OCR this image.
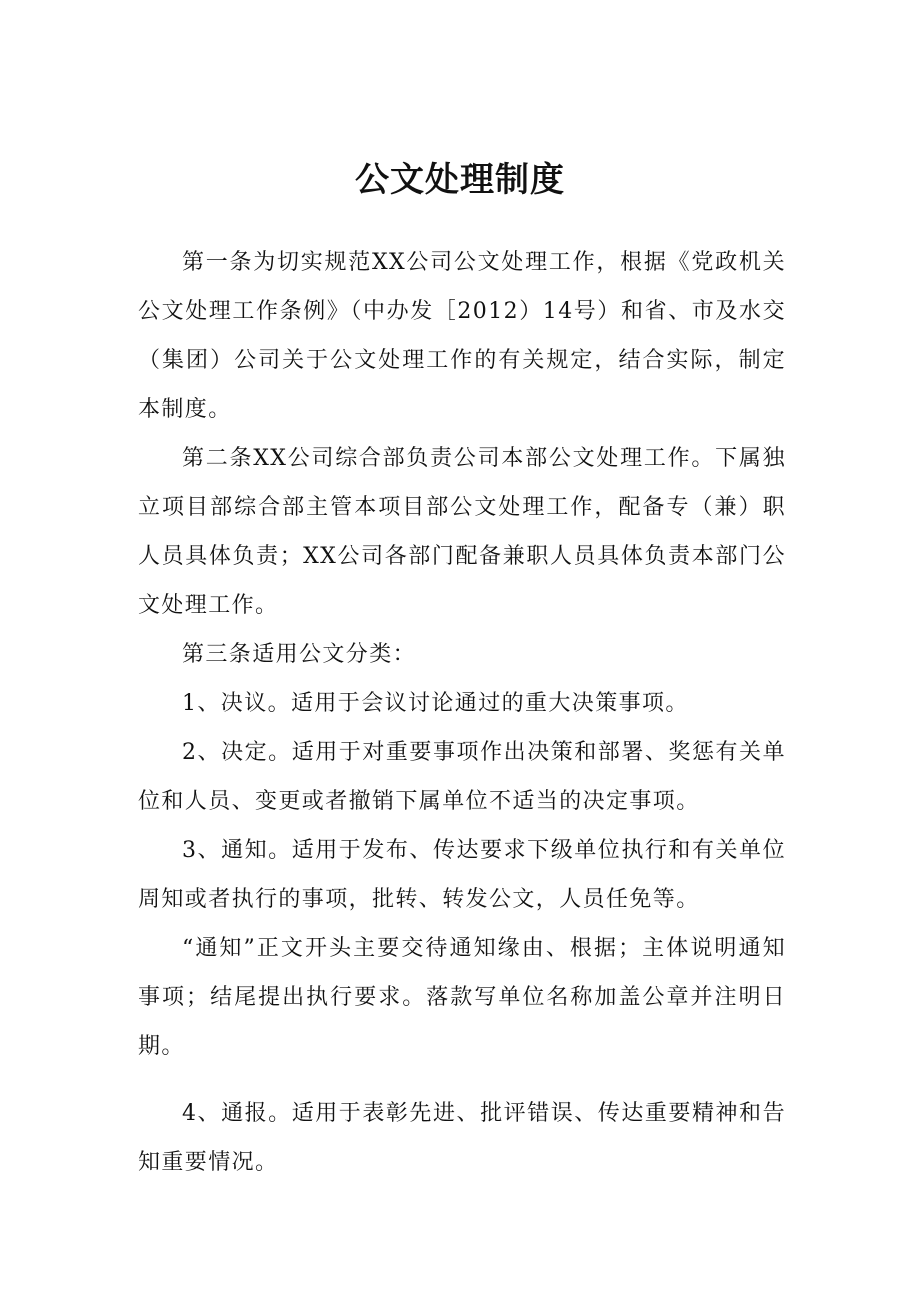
公文处理制度

第一条为切实规范XX公司公文处理工作，根据《党政机关公文处理工作条例》（中办发［2012）14号）和省、市及水交（集团）公司关于公文处理工作的有关规定，结合实际，制定本制度。

第二条XX公司综合部负责公司本部公文处理工作。下属独立项目部综合部主管本项目部公文处理工作，配备专（兼）职人员具体负责；XX公司各部门配备兼职人员具体负责本部门公文处理工作。

第三条适用公文分类：

1、决议。适用于会议讨论通过的重大决策事项。

2、决定。适用于对重要事项作出决策和部署、奖惩有关单位和人员、变更或者撤销下属单位不适当的决定事项。

3、通知。适用于发布、传达要求下级单位执行和有关单位周知或者执行的事项，批转、转发公文，人员任免等。

“通知”正文开头主要交待通知缘由、根据；主体说明通知事项；结尾提出执行要求。落款写单位名称加盖公章并注明日期。

4、通报。适用于表彰先进、批评错误、传达重要精神和告知重要情况。
